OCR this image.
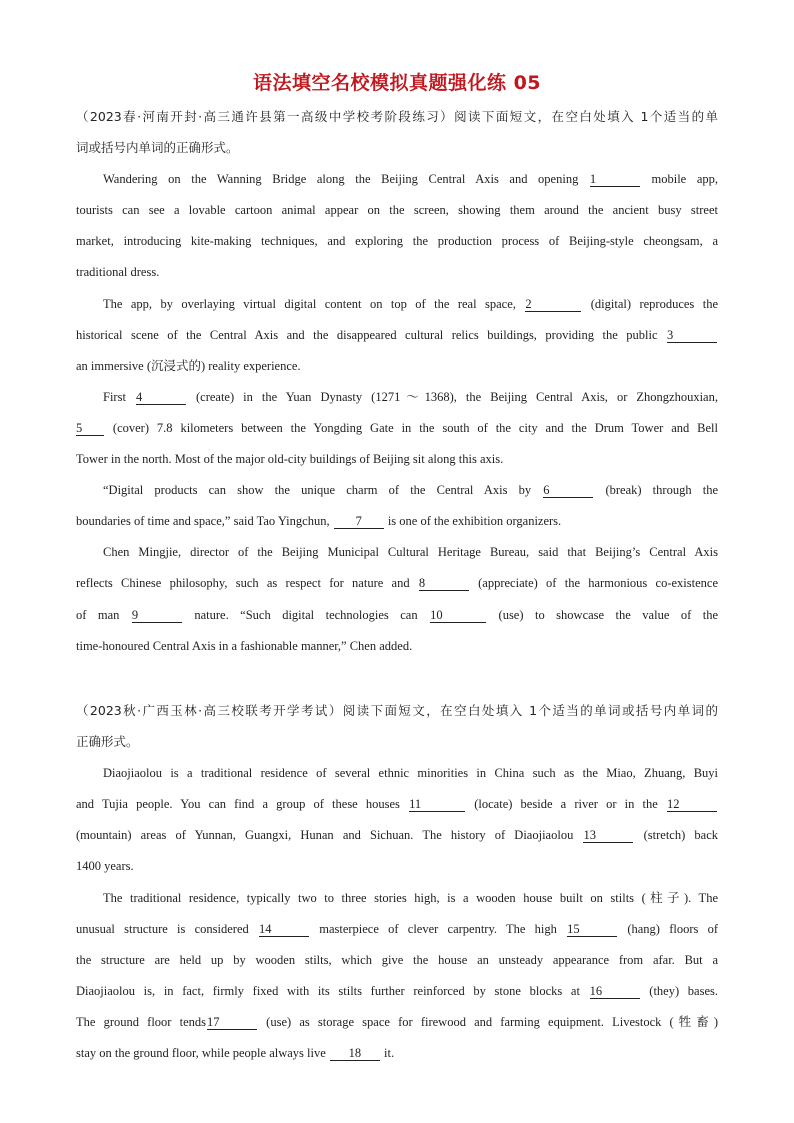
语法填空名校模拟真题强化练 05
（2023春·河南开封·高三通许县第一高级中学校考阶段练习）阅读下面短文，在空白处填入 1个适当的单
词或括号内单词的正确形式。
Wandering on the Wanning Bridge along the Beijing Central Axis and opening 1	mobile app,
tourists can see a lovable cartoon animal appear on the screen, showing them around the ancient busy street
market, introducing kite-making techniques, and exploring the production process of Beijing-style cheongsam, a
traditional dress.
The app, by overlaying virtual digital content on top of the real space, 2	(digital) reproduces the
historical scene of the Central Axis and the disappeared cultural relics buildings, providing the public 3
an immersive (沉浸式的) reality experience.
First 4	(create) in the Yuan Dynasty (1271～1368), the Beijing Central Axis, or Zhongzhouxian,
5 (cover) 7.8 kilometers between the Yongding Gate in the south of the city and the Drum Tower and Bell
Tower in the north. Most of the major old-city buildings of Beijing sit along this axis.
“Digital products can show the unique charm of the Central Axis by 6	(break) through the
boundaries of time and space,” said Tao Yingchun, 7 is one of the exhibition organizers.
Chen Mingjie, director of the Beijing Municipal Cultural Heritage Bureau, said that Beijing’s Central Axis
reflects Chinese philosophy, such as respect for nature and 8	(appreciate) of the harmonious co-existence
of man 9	nature. “Such digital technologies can 10	(use) to showcase the value of the
time-honoured Central Axis in a fashionable manner,” Chen added.
（2023秋·广西玉林·高三校联考开学考试）阅读下面短文，在空白处填入 1个适当的单词或括号内单词的
正确形式。
Diaojiaolou is a traditional residence of several ethnic minorities in China such as the Miao, Zhuang, Buyi
and Tujia people. You can find a group of these houses 11	(locate) beside a river or in the 12
(mountain) areas of Yunnan, Guangxi, Hunan and Sichuan. The history of Diaojiaolou 13	(stretch) back
1400 years.
The traditional residence, typically two to three stories high, is a wooden house built on stilts (柱子). The
unusual structure is considered 14	masterpiece of clever carpentry. The high 15	(hang) floors of
the structure are held up by wooden stilts, which give the house an unsteady appearance from afar. But a
Diaojiaolou is, in fact, firmly fixed with its stilts further reinforced by stone blocks at 16	(they) bases.
The ground floor tends17	(use) as storage space for firewood and farming equipment. Livestock (牲畜)
stay on the ground floor, while people always live 18 it.
